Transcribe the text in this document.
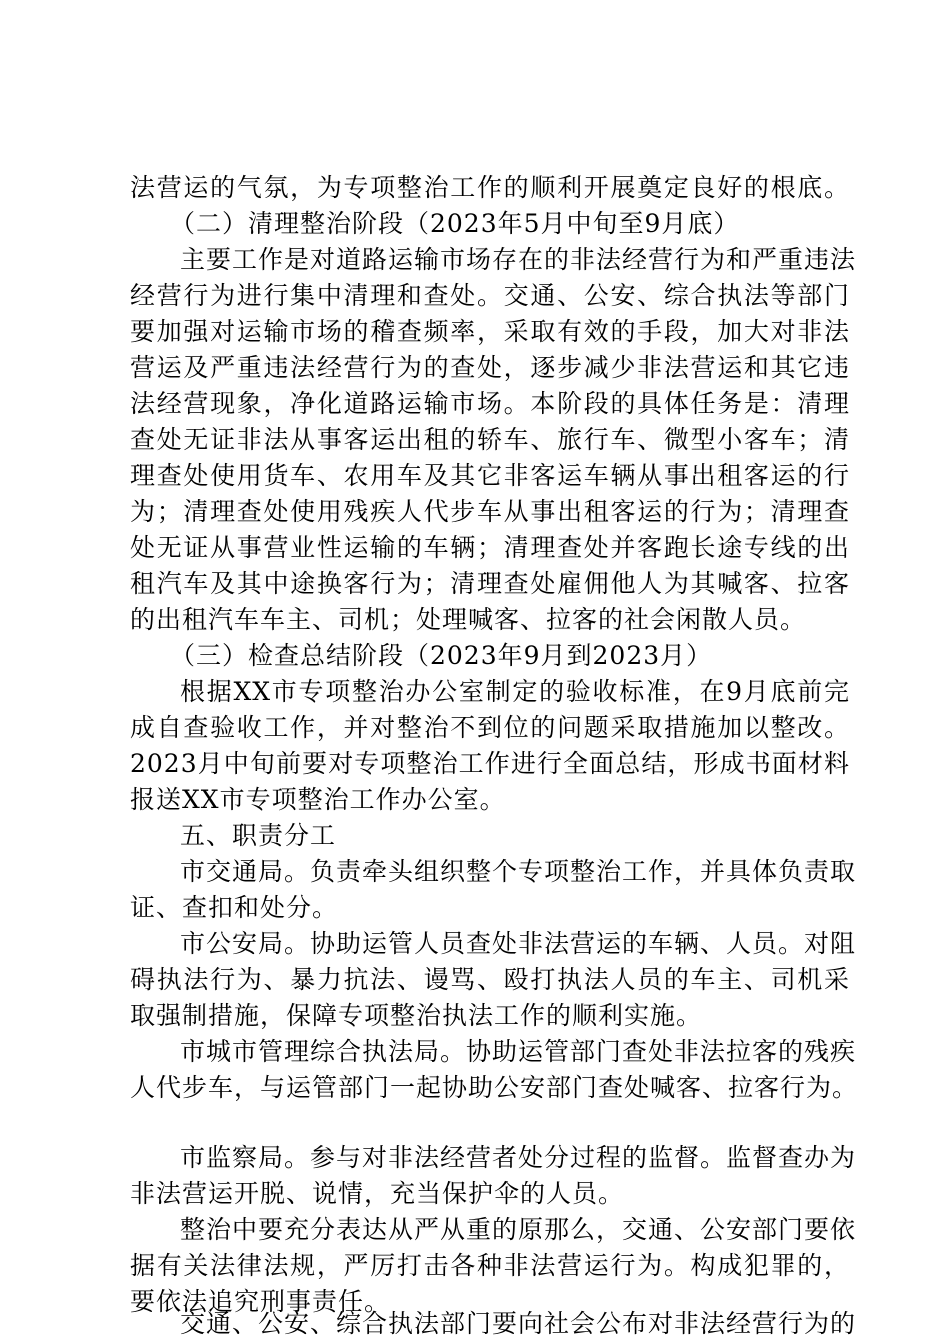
法营运的气氛，为专项整治工作的顺利开展奠定良好的根底。
（二）清理整治阶段（2023年5月中旬至9月底）
主要工作是对道路运输市场存在的非法经营行为和严重违法
经营行为进行集中清理和查处。交通、公安、综合执法等部门
要加强对运输市场的稽查频率，采取有效的手段，加大对非法
营运及严重违法经营行为的查处，逐步减少非法营运和其它违
法经营现象，净化道路运输市场。本阶段的具体任务是：清理
查处无证非法从事客运出租的轿车、旅行车、微型小客车；清
理查处使用货车、农用车及其它非客运车辆从事出租客运的行
为；清理查处使用残疾人代步车从事出租客运的行为；清理查
处无证从事营业性运输的车辆；清理查处并客跑长途专线的出
租汽车及其中途换客行为；清理查处雇佣他人为其喊客、拉客
的出租汽车车主、司机；处理喊客、拉客的社会闲散人员。
（三）检查总结阶段（2023年9月到2023月）
根据XX市专项整治办公室制定的验收标准，在9月底前完
成自查验收工作，并对整治不到位的问题采取措施加以整改。
2023月中旬前要对专项整治工作进行全面总结，形成书面材料
报送XX市专项整治工作办公室。
五、职责分工
市交通局。负责牵头组织整个专项整治工作，并具体负责取
证、查扣和处分。
市公安局。协助运管人员查处非法营运的车辆、人员。对阻
碍执法行为、暴力抗法、谩骂、殴打执法人员的车主、司机采
取强制措施，保障专项整治执法工作的顺利实施。
市城市管理综合执法局。协助运管部门查处非法拉客的残疾
人代步车，与运管部门一起协助公安部门查处喊客、拉客行为。
市监察局。参与对非法经营者处分过程的监督。监督查办为
非法营运开脱、说情，充当保护伞的人员。
整治中要充分表达从严从重的原那么，交通、公安部门要依
据有关法律法规，严厉打击各种非法营运行为。构成犯罪的，
要依法追究刑事责任。
交通、公安、综合执法部门要向社会公布对非法经营行为的
